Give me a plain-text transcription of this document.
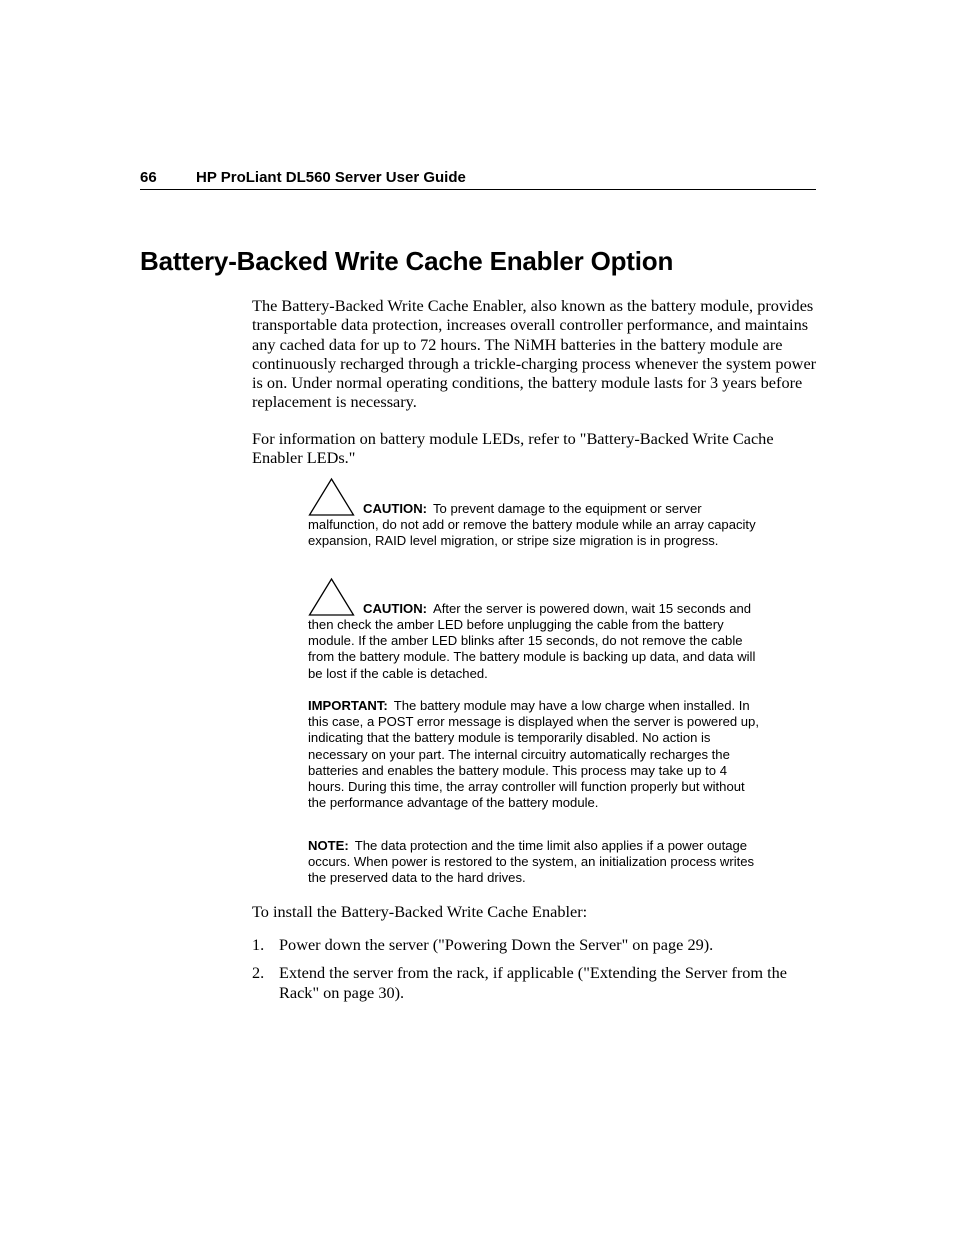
66	HP ProLiant DL560 Server User Guide
Battery-Backed Write Cache Enabler Option

The Battery-Backed Write Cache Enabler, also known as the battery module, provides transportable data protection, increases overall controller performance, and maintains any cached data for up to 72 hours. The NiMH batteries in the battery module are continuously recharged through a trickle-charging process whenever the system power is on. Under normal operating conditions, the battery module lasts for 3 years before replacement is necessary.

For information on battery module LEDs, refer to "Battery-Backed Write Cache Enabler LEDs."

CAUTION: To prevent damage to the equipment or server malfunction, do not add or remove the battery module while an array capacity expansion, RAID level migration, or stripe size migration is in progress.

CAUTION: After the server is powered down, wait 15 seconds and then check the amber LED before unplugging the cable from the battery module. If the amber LED blinks after 15 seconds, do not remove the cable from the battery module. The battery module is backing up data, and data will be lost if the cable is detached.

IMPORTANT: The battery module may have a low charge when installed. In this case, a POST error message is displayed when the server is powered up, indicating that the battery module is temporarily disabled. No action is necessary on your part. The internal circuitry automatically recharges the batteries and enables the battery module. This process may take up to 4 hours. During this time, the array controller will function properly but without the performance advantage of the battery module.

NOTE: The data protection and the time limit also applies if a power outage occurs. When power is restored to the system, an initialization process writes the preserved data to the hard drives.

To install the Battery-Backed Write Cache Enabler:

1. Power down the server ("Powering Down the Server" on page 29).
2. Extend the server from the rack, if applicable ("Extending the Server from the Rack" on page 30).
